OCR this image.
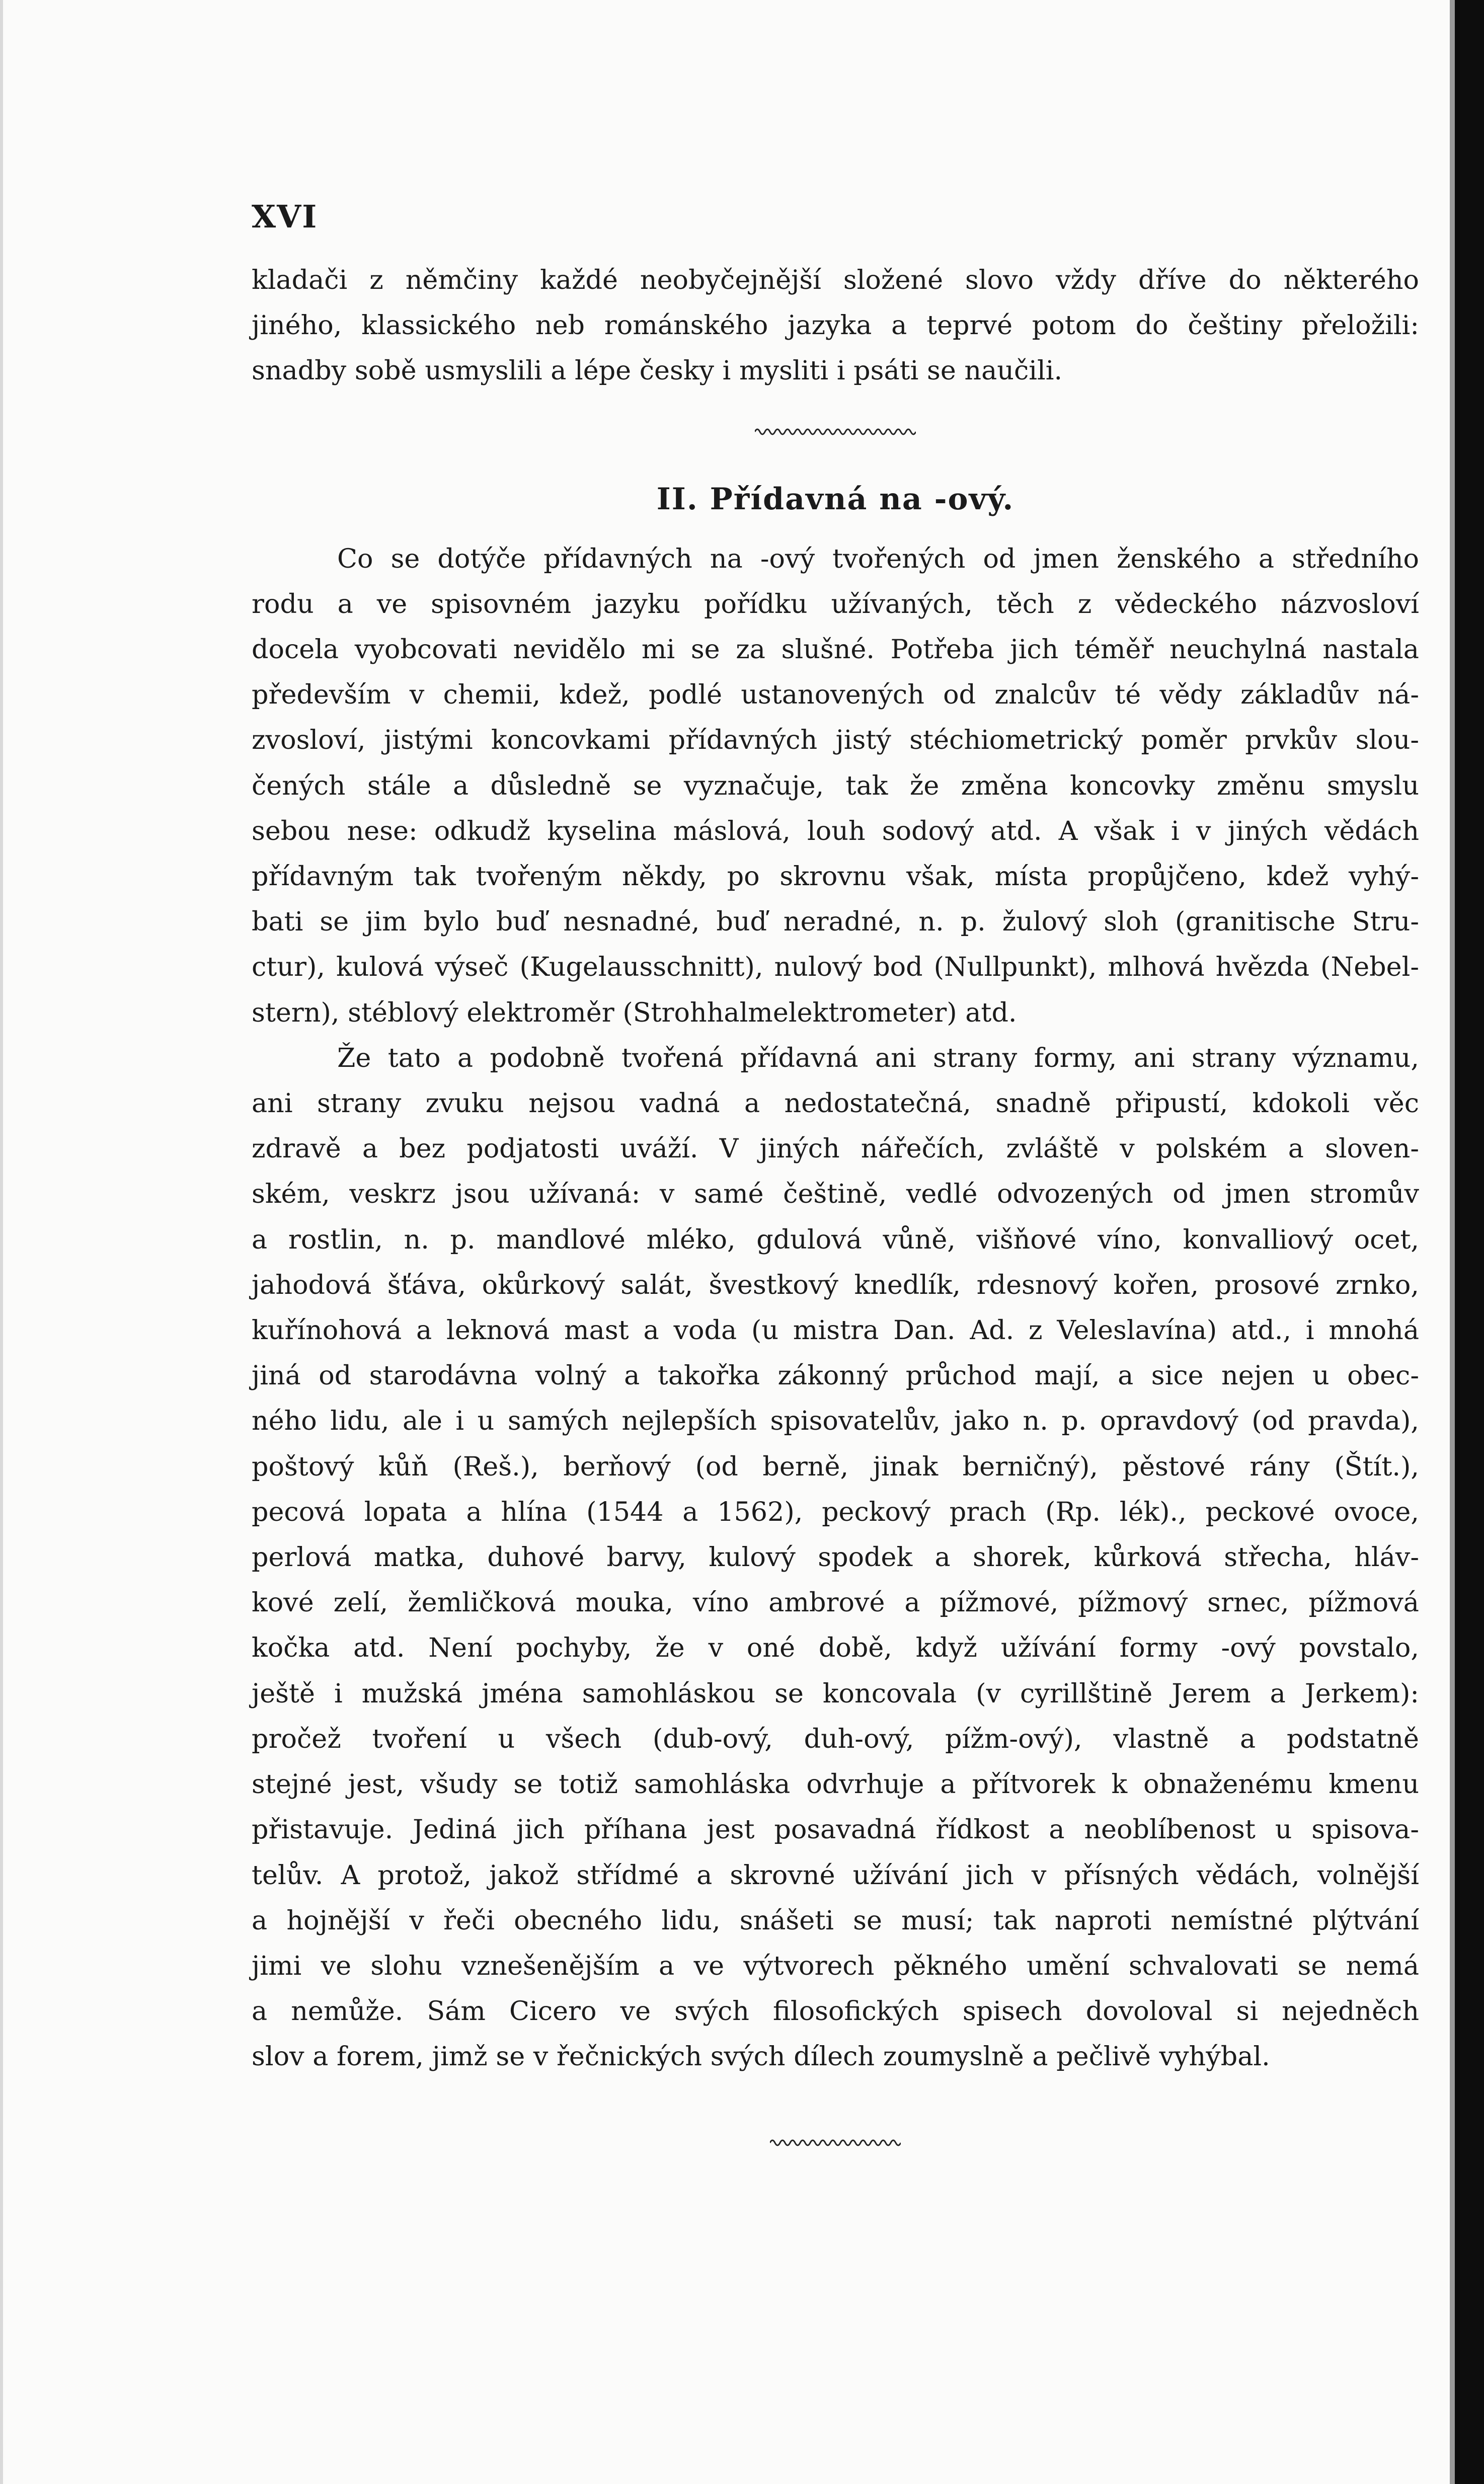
XVI

kladači z němčiny každé neobyčejnější složené slovo vždy dříve do některého
jiného, klassického neb románského jazyka a teprvé potom do češtiny přeložili:
snadby sobě usmyslili a lépe česky i mysliti i psáti se naučili.

II. Přídavná na -ový.

Co se dotýče přídavných na -ový tvořených od jmen ženského a středního
rodu a ve spisovném jazyku pořídku užívaných, těch z vědeckého názvosloví
docela vyobcovati nevidělo mi se za slušné. Potřeba jich téměř neuchylná nastala
především v chemii, kdež, podlé ustanovených od znalcův té vědy základův ná-
zvosloví, jistými koncovkami přídavných jistý stéchiometrický poměr prvkův slou-
čených stále a důsledně se vyznačuje, tak že změna koncovky změnu smyslu
sebou nese: odkudž kyselina máslová, louh sodový atd. A však i v jiných vědách
přídavným tak tvořeným někdy, po skrovnu však, místa propůjčeno, kdež vyhý-
bati se jim bylo buď nesnadné, buď neradné, n. p. žulový sloh (granitische Stru-
ctur), kulová výseč (Kugelausschnitt), nulový bod (Nullpunkt), mlhová hvězda (Nebel-
stern), stéblový elektroměr (Strohhalmelektrometer) atd.

Že tato a podobně tvořená přídavná ani strany formy, ani strany významu,
ani strany zvuku nejsou vadná a nedostatečná, snadně připustí, kdokoli věc
zdravě a bez podjatosti uváží. V jiných nářečích, zvláště v polském a sloven-
ském, veskrz jsou užívaná: v samé češtině, vedlé odvozených od jmen stromův
a rostlin, n. p. mandlové mléko, gdulová vůně, višňové víno, konvalliový ocet,
jahodová šťáva, okůrkový salát, švestkový knedlík, rdesnový kořen, prosové zrnko,
kuřínohová a leknová mast a voda (u mistra Dan. Ad. z Veleslavína) atd., i mnohá
jiná od starodávna volný a takořka zákonný průchod mají, a sice nejen u obec-
ného lidu, ale i u samých nejlepších spisovatelův, jako n. p. opravdový (od pravda),
poštový kůň (Reš.), berňový (od berně, jinak berničný), pěstové rány (Štít.),
pecová lopata a hlína (1544 a 1562), peckový prach (Rp. lék)., peckové ovoce,
perlová matka, duhové barvy, kulový spodek a shorek, kůrková střecha, hláv-
kové zelí, žemličková mouka, víno ambrové a pížmové, pížmový srnec, pížmová
kočka atd. Není pochyby, že v oné době, když užívání formy -ový povstalo,
ještě i mužská jména samohláskou se koncovala (v cyrillštině Jerem a Jerkem):
pročež tvoření u všech (dub-ový, duh-ový, pížm-ový), vlastně a podstatně
stejné jest, všudy se totiž samohláska odvrhuje a přítvorek k obnaženému kmenu
přistavuje. Jediná jich příhana jest posavadná řídkost a neoblíbenost u spisova-
telův. A protož, jakož střídmé a skrovné užívání jich v přísných vědách, volnější
a hojnější v řeči obecného lidu, snášeti se musí; tak naproti nemístné plýtvání
jimi ve slohu vznešenějším a ve výtvorech pěkného umění schvalovati se nemá
a nemůže. Sám Cicero ve svých filosofických spisech dovoloval si nejedněch
slov a forem, jimž se v řečnických svých dílech zoumyslně a pečlivě vyhýbal.
